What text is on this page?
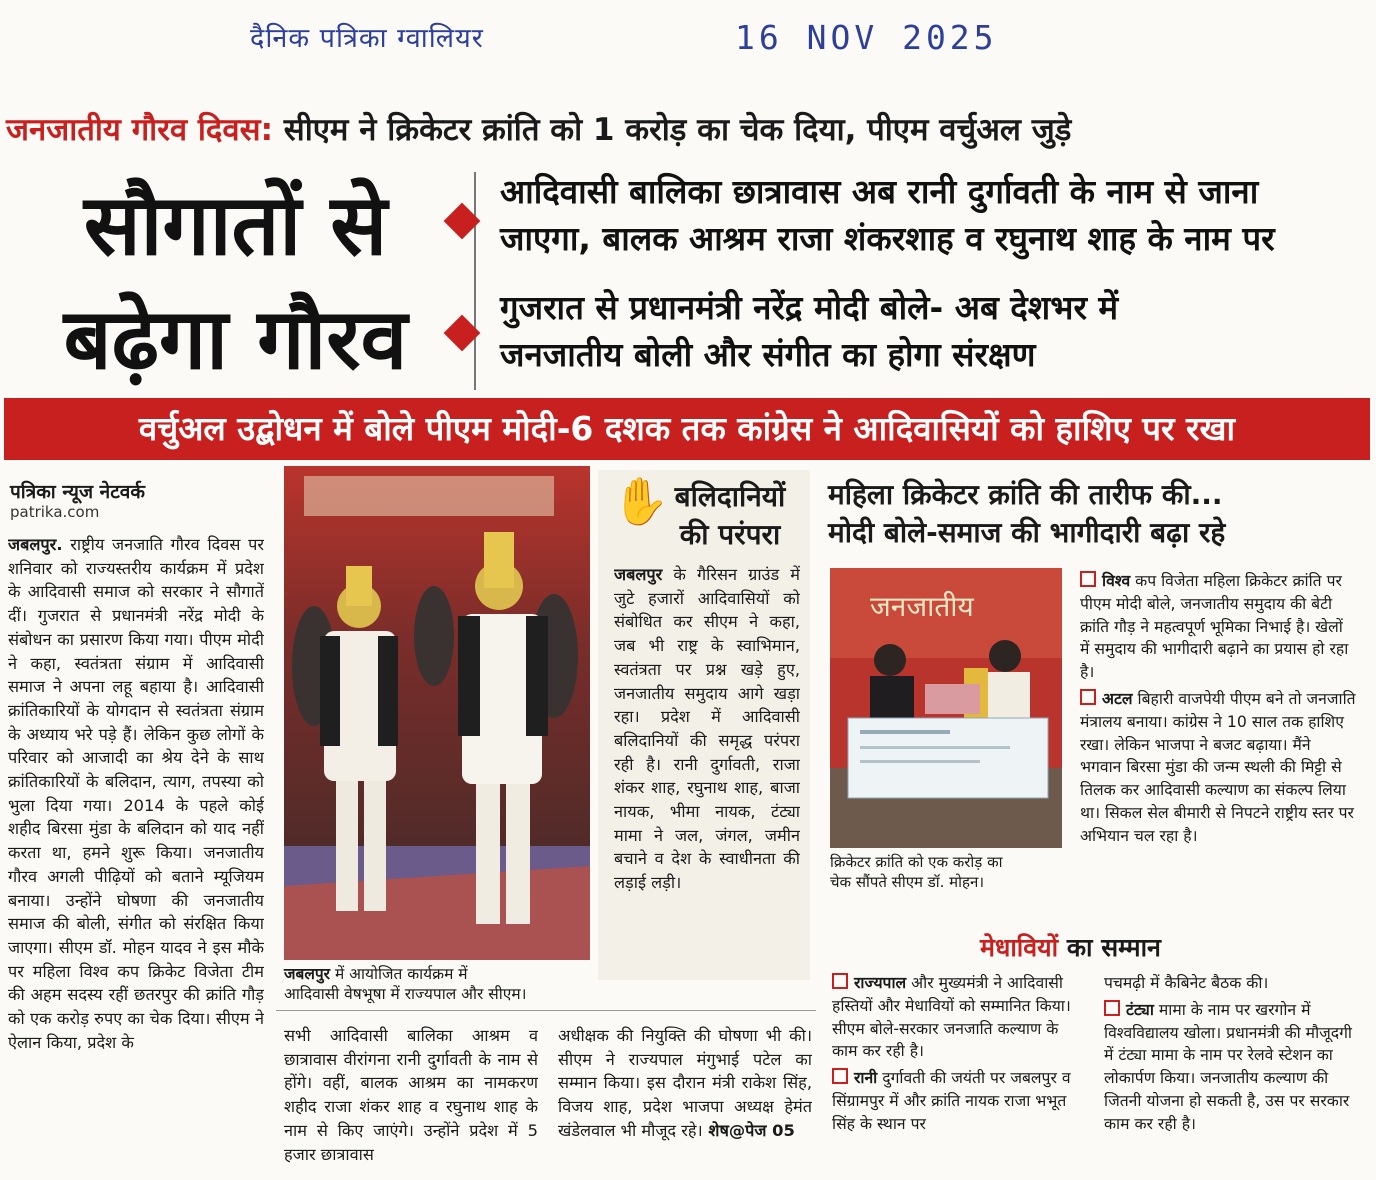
दैनिक पत्रिका ग्वालियर	16 NOV 2025
जनजातीय गौरव दिवस: सीएम ने क्रिकेटर क्रांति को 1 करोड़ का चेक दिया, पीएम वर्चुअल जुड़े
सौगातों से
बढ़ेगा गौरव
आदिवासी बालिका छात्रावास अब रानी दुर्गावती के नाम से जाना
जाएगा, बालक आश्रम राजा शंकरशाह व रघुनाथ शाह के नाम पर
गुजरात से प्रधानमंत्री नरेंद्र मोदी बोले- अब देशभर में
जनजातीय बोली और संगीत का होगा संरक्षण
वर्चुअल उद्बोधन में बोले पीएम मोदी-6 दशक तक कांग्रेस ने आदिवासियों को हाशिए पर रखा
पत्रिका न्यूज नेटवर्क
patrika.com
जबलपुर. राष्ट्रीय जनजाति गौरव दिवस पर शनिवार को राज्यस्तरीय कार्यक्रम में प्रदेश के आदिवासी समाज को सरकार ने सौगातें दीं। गुजरात से प्रधानमंत्री नरेंद्र मोदी के संबोधन का प्रसारण किया गया। पीएम मोदी ने कहा, स्वतंत्रता संग्राम में आदिवासी समाज ने अपना लहू बहाया है। आदिवासी क्रांतिकारियों के योगदान से स्वतंत्रता संग्राम के अध्याय भरे पड़े हैं। लेकिन कुछ लोगों के परिवार को आजादी का श्रेय देने के साथ क्रांतिकारियों के बलिदान, त्याग, तपस्या को भुला दिया गया। 2014 के पहले कोई शहीद बिरसा मुंडा के बलिदान को याद नहीं करता था, हमने शुरू किया। जनजातीय गौरव अगली पीढ़ियों को बताने म्यूजियम बनाया। उन्होंने घोषणा की जनजातीय समाज की बोली, संगीत को संरक्षित किया जाएगा। सीएम डॉ. मोहन यादव ने इस मौके पर महिला विश्व कप क्रिकेट विजेता टीम की अहम सदस्य रहीं छतरपुर की क्रांति गौड़ को एक करोड़ रुपए का चेक दिया। सीएम ने ऐलान किया, प्रदेश के
जबलपुर में आयोजित कार्यक्रम में
आदिवासी वेषभूषा में राज्यपाल और सीएम।
सभी आदिवासी बालिका आश्रम व छात्रावास वीरांगना रानी दुर्गावती के नाम से होंगे। वहीं, बालक आश्रम का नामकरण शहीद राजा शंकर शाह व रघुनाथ शाह के नाम से किए जाएंगे। उन्होंने प्रदेश में 5 हजार छात्रावास
अधीक्षक की नियुक्ति की घोषणा भी की। सीएम ने राज्यपाल मंगुभाई पटेल का सम्मान किया। इस दौरान मंत्री राकेश सिंह, विजय शाह, प्रदेश भाजपा अध्यक्ष हेमंत खंडेलवाल भी मौजूद रहे। शेष@पेज 05
✋ बलिदानियों
की परंपरा
जबलपुर के गैरिसन ग्राउंड में जुटे हजारों आदिवासियों को संबोधित कर सीएम ने कहा, जब भी राष्ट्र के स्वाभिमान, स्वतंत्रता पर प्रश्न खड़े हुए, जनजातीय समुदाय आगे खड़ा रहा। प्रदेश में आदिवासी बलिदानियों की समृद्ध परंपरा रही है। रानी दुर्गावती, राजा शंकर शाह, रघुनाथ शाह, बाजा नायक, भीमा नायक, टंट्या मामा ने जल, जंगल, जमीन बचाने व देश के स्वाधीनता की लड़ाई लड़ी।
महिला क्रिकेटर क्रांति की तारीफ की...
मोदी बोले-समाज की भागीदारी बढ़ा रहे
जनजातीय
क्रिकेटर क्रांति को एक करोड़ का
चेक सौंपते सीएम डॉ. मोहन।
विश्व कप विजेता महिला क्रिकेटर क्रांति पर पीएम मोदी बोले, जनजातीय समुदाय की बेटी क्रांति गौड़ ने महत्वपूर्ण भूमिका निभाई है। खेलों में समुदाय की भागीदारी बढ़ाने का प्रयास हो रहा है।
अटल बिहारी वाजपेयी पीएम बने तो जनजाति मंत्रालय बनाया। कांग्रेस ने 10 साल तक हाशिए रखा। लेकिन भाजपा ने बजट बढ़ाया। मैंने भगवान बिरसा मुंडा की जन्म स्थली की मिट्टी से तिलक कर आदिवासी कल्याण का संकल्प लिया था। सिकल सेल बीमारी से निपटने राष्ट्रीय स्तर पर अभियान चल रहा है।
मेधावियों का सम्मान
राज्यपाल और मुख्यमंत्री ने आदिवासी हस्तियों और मेधावियों को सम्मानित किया। सीएम बोले-सरकार जनजाति कल्याण के काम कर रही है।
रानी दुर्गावती की जयंती पर जबलपुर व सिंग्रामपुर में और क्रांति नायक राजा भभूत सिंह के स्थान पर
पचमढ़ी में कैबिनेट बैठक की।
टंट्या मामा के नाम पर खरगोन में विश्वविद्यालय खोला। प्रधानमंत्री की मौजूदगी में टंट्या मामा के नाम पर रेलवे स्टेशन का लोकार्पण किया। जनजातीय कल्याण की जितनी योजना हो सकती है, उस पर सरकार काम कर रही है।
